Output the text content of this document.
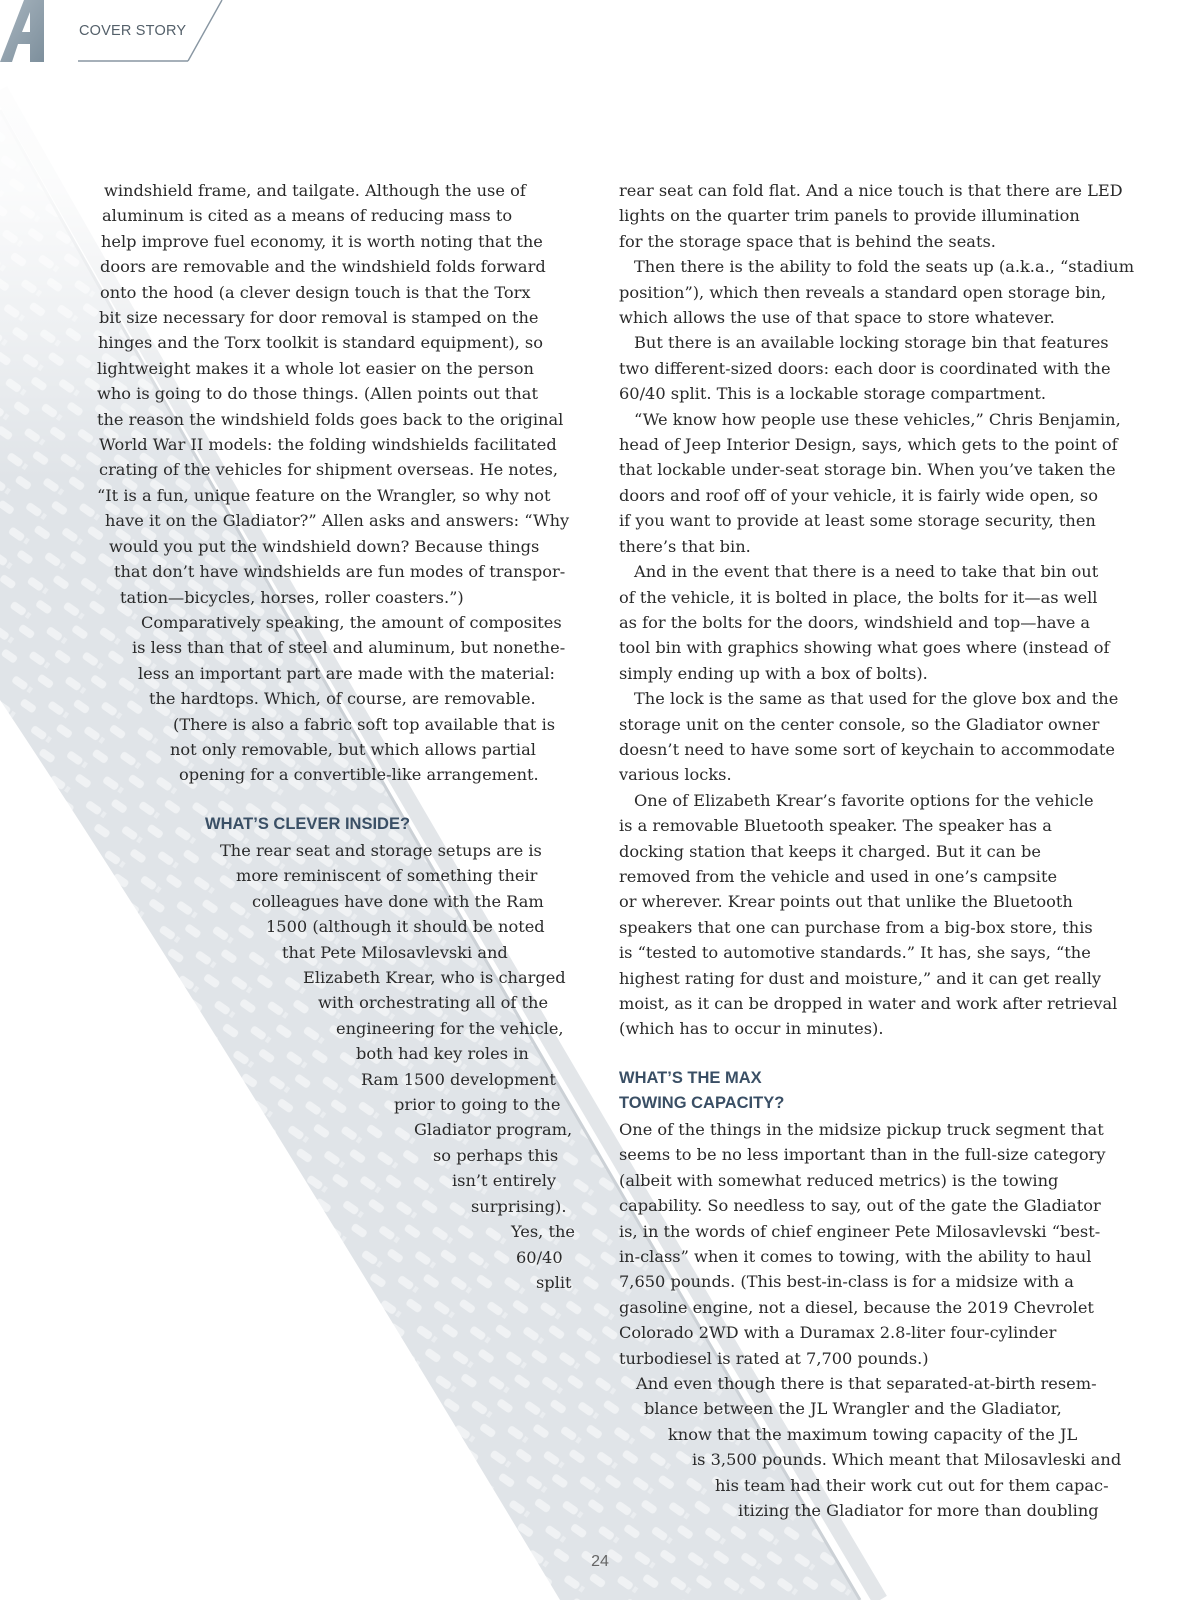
COVER STORY

windshield frame, and tailgate. Although the use of

aluminum is cited as a means of reducing mass to

help improve fuel economy, it is worth noting that the

doors are removable and the windshield folds forward

onto the hood (a clever design touch is that the Torx

bit size necessary for door removal is stamped on the

hinges and the Torx toolkit is standard equipment), so

lightweight makes it a whole lot easier on the person

who is going to do those things. (Allen points out that

the reason the windshield folds goes back to the original

World War II models: the folding windshields facilitated

crating of the vehicles for shipment overseas. He notes,

“It is a fun, unique feature on the Wrangler, so why not

have it on the Gladiator?” Allen asks and answers: “Why

would you put the windshield down? Because things

that don’t have windshields are fun modes of transpor-

tation—bicycles, horses, roller coasters.”)

Comparatively speaking, the amount of composites

is less than that of steel and aluminum, but nonethe-

less an important part are made with the material:

the hardtops. Which, of course, are removable.

(There is also a fabric soft top available that is

not only removable, but which allows partial

opening for a convertible-like arrangement.

WHAT’S CLEVER INSIDE?

The rear seat and storage setups are is

more reminiscent of something their

colleagues have done with the Ram

1500 (although it should be noted

that Pete Milosavlevski and

Elizabeth Krear, who is charged

with orchestrating all of the

engineering for the vehicle,

both had key roles in

Ram 1500 development

prior to going to the

Gladiator program,

so perhaps this

isn’t entirely

surprising).

Yes, the

60/40

split

rear seat can fold flat. And a nice touch is that there are LED

lights on the quarter trim panels to provide illumination

for the storage space that is behind the seats.

Then there is the ability to fold the seats up (a.k.a., “stadium

position”), which then reveals a standard open storage bin,

which allows the use of that space to store whatever.

But there is an available locking storage bin that features

two different-sized doors: each door is coordinated with the

60/40 split. This is a lockable storage compartment.

“We know how people use these vehicles,” Chris Benjamin,

head of Jeep Interior Design, says, which gets to the point of

that lockable under-seat storage bin. When you’ve taken the

doors and roof off of your vehicle, it is fairly wide open, so

if you want to provide at least some storage security, then

there’s that bin.

And in the event that there is a need to take that bin out

of the vehicle, it is bolted in place, the bolts for it—as well

as for the bolts for the doors, windshield and top—have a

tool bin with graphics showing what goes where (instead of

simply ending up with a box of bolts).

The lock is the same as that used for the glove box and the

storage unit on the center console, so the Gladiator owner

doesn’t need to have some sort of keychain to accommodate

various locks.

One of Elizabeth Krear’s favorite options for the vehicle

is a removable Bluetooth speaker. The speaker has a

docking station that keeps it charged. But it can be

removed from the vehicle and used in one’s campsite

or wherever. Krear points out that unlike the Bluetooth

speakers that one can purchase from a big-box store, this

is “tested to automotive standards.” It has, she says, “the

highest rating for dust and moisture,” and it can get really

moist, as it can be dropped in water and work after retrieval

(which has to occur in minutes).

WHAT’S THE MAX

TOWING CAPACITY?

One of the things in the midsize pickup truck segment that

seems to be no less important than in the full-size category

(albeit with somewhat reduced metrics) is the towing

capability. So needless to say, out of the gate the Gladiator

is, in the words of chief engineer Pete Milosavlevski “best-

in-class” when it comes to towing, with the ability to haul

7,650 pounds. (This best-in-class is for a midsize with a

gasoline engine, not a diesel, because the 2019 Chevrolet

Colorado 2WD with a Duramax 2.8-liter four-cylinder

turbodiesel is rated at 7,700 pounds.)

And even though there is that separated-at-birth resem-

blance between the JL Wrangler and the Gladiator,

know that the maximum towing capacity of the JL

is 3,500 pounds. Which meant that Milosavleski and

his team had their work cut out for them capac-

itizing the Gladiator for more than doubling

24
